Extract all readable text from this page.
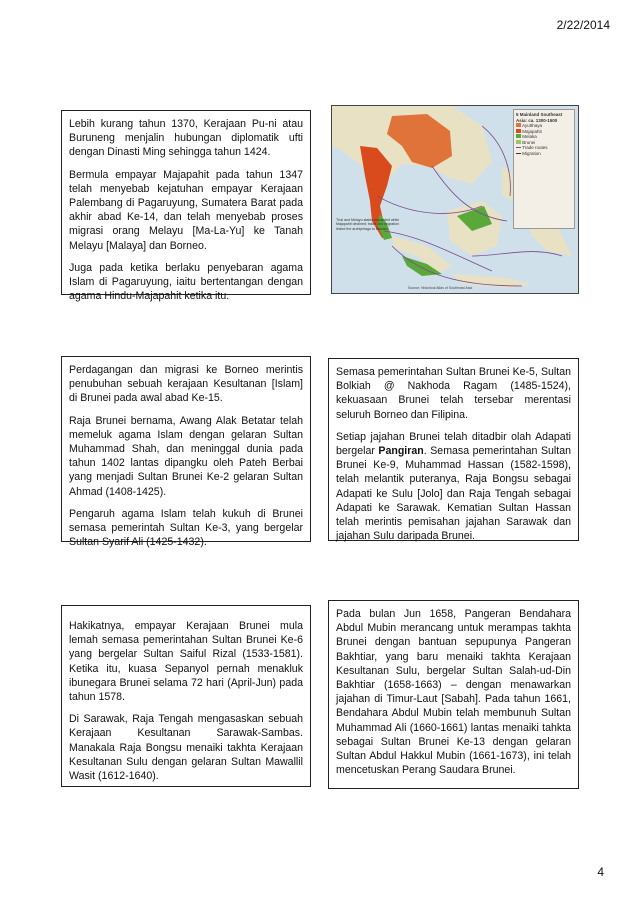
2/22/2014

Lebih kurang tahun 1370, Kerajaan Pu-ni atau Buruneng menjalin hubungan diplomatik ufti dengan Dinasti Ming sehingga tahun 1424.

Bermula empayar Majapahit pada tahun 1347 telah menyebab kejatuhan empayar Kerajaan Palembang di Pagaruyung, Sumatera Barat pada akhir abad Ke-14, dan telah menyebab proses migrasi orang Melayu [Ma-La-Yu] ke Tanah Melayu [Malaya] dan Borneo.

Juga pada ketika berlaku penyebaran agama Islam di Pagaruyung, iaitu bertentangan dengan agama Hindu-Majapahit ketika itu.

5 Mainland Southeast Asia: ca. 1300-1500
Ayutthaya
Majapahit
Melaka
Brunei
Trade routes
Migration
Thai and Melayu states expanded while Majapahit declined; trade and migration linked the archipelago to Borneo.
Source: Historical Atlas of Southeast Asia

Perdagangan dan migrasi ke Borneo merintis penubuhan sebuah kerajaan Kesultanan [Islam] di Brunei pada awal abad Ke-15.

Raja Brunei bernama, Awang Alak Betatar telah memeluk agama Islam dengan gelaran Sultan Muhammad Shah, dan meninggal dunia pada tahun 1402 lantas dipangku oleh Pateh Berbai yang menjadi Sultan Brunei Ke-2 gelaran Sultan Ahmad (1408-1425).

Pengaruh agama Islam telah kukuh di Brunei semasa pemerintah Sultan Ke-3, yang bergelar Sultan Syarif Ali (1425-1432).

Semasa pemerintahan Sultan Brunei Ke-5, Sultan Bolkiah @ Nakhoda Ragam (1485-1524), kekuasaan Brunei telah tersebar merentasi seluruh Borneo dan Filipina.

Setiap jajahan Brunei telah ditadbir olah Adapati bergelar Pangiran. Semasa pemerintahan Sultan Brunei Ke-9, Muhammad Hassan (1582-1598), telah melantik puteranya, Raja Bongsu sebagai Adapati ke Sulu [Jolo] dan Raja Tengah sebagai Adapati ke Sarawak. Kematian Sultan Hassan telah merintis pemisahan jajahan Sarawak dan jajahan Sulu daripada Brunei.

Hakikatnya, empayar Kerajaan Brunei mula lemah semasa pemerintahan Sultan Brunei Ke-6 yang bergelar Sultan Saiful Rizal (1533-1581). Ketika itu, kuasa Sepanyol pernah menakluk ibunegara Brunei selama 72 hari (April-Jun) pada tahun 1578.

Di Sarawak, Raja Tengah mengasaskan sebuah Kerajaan Kesultanan Sarawak-Sambas. Manakala Raja Bongsu menaiki takhta Kerajaan Kesultanan Sulu dengan gelaran Sultan Mawallil Wasit (1612-1640).

Pada bulan Jun 1658, Pangeran Bendahara Abdul Mubin merancang untuk merampas takhta Brunei dengan bantuan sepupunya Pangeran Bakhtiar, yang baru menaiki takhta Kerajaan Kesultanan Sulu, bergelar Sultan Salah-ud-Din Bakhtiar (1658-1663) – dengan menawarkan jajahan di Timur-Laut [Sabah]. Pada tahun 1661, Bendahara Abdul Mubin telah membunuh Sultan Muhammad Ali (1660-1661) lantas menaiki tahkta sebagai Sultan Brunei Ke-13 dengan gelaran Sultan Abdul Hakkul Mubin (1661-1673), ini telah mencetuskan Perang Saudara Brunei.

4
